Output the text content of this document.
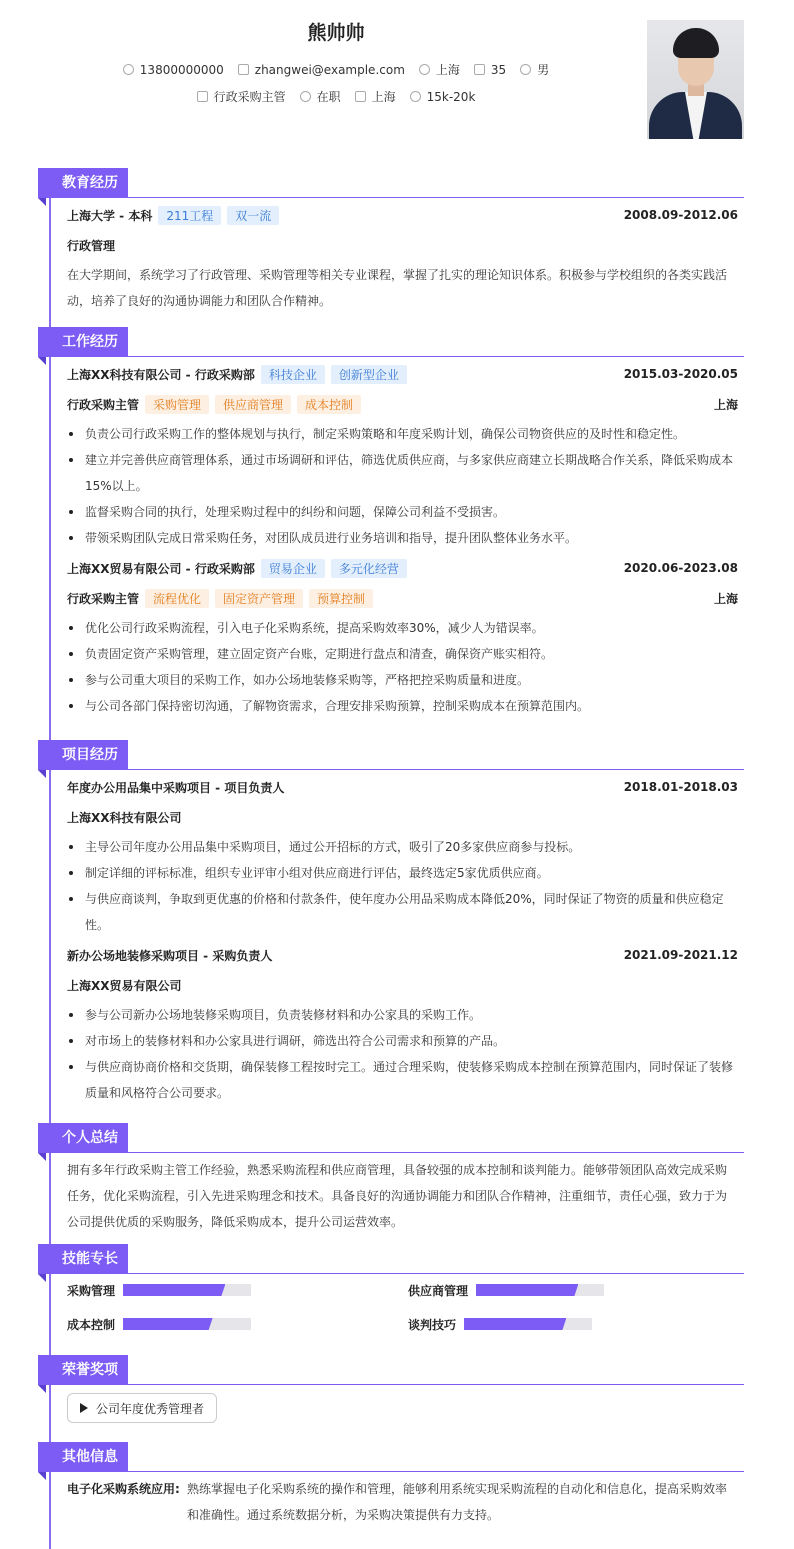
熊帅帅
13800000000	zhangwei@example.com	上海	35	男
行政采购主管	在职	上海	15k-20k
教育经历
上海大学 - 本科	211工程	双一流	2008.09-2012.06
行政管理
在大学期间，系统学习了行政管理、采购管理等相关专业课程，掌握了扎实的理论知识体系。积极参与学校组织的各类实践活动，培养了良好的沟通协调能力和团队合作精神。
工作经历
上海XX科技有限公司 - 行政采购部	科技企业	创新型企业	2015.03-2020.05
行政采购主管	采购管理	供应商管理	成本控制	上海
负责公司行政采购工作的整体规划与执行，制定采购策略和年度采购计划，确保公司物资供应的及时性和稳定性。
建立并完善供应商管理体系，通过市场调研和评估，筛选优质供应商，与多家供应商建立长期战略合作关系，降低采购成本15%以上。
监督采购合同的执行，处理采购过程中的纠纷和问题，保障公司利益不受损害。
带领采购团队完成日常采购任务，对团队成员进行业务培训和指导，提升团队整体业务水平。
上海XX贸易有限公司 - 行政采购部	贸易企业	多元化经营	2020.06-2023.08
行政采购主管	流程优化	固定资产管理	预算控制	上海
优化公司行政采购流程，引入电子化采购系统，提高采购效率30%，减少人为错误率。
负责固定资产采购管理，建立固定资产台账，定期进行盘点和清查，确保资产账实相符。
参与公司重大项目的采购工作，如办公场地装修采购等，严格把控采购质量和进度。
与公司各部门保持密切沟通，了解物资需求，合理安排采购预算，控制采购成本在预算范围内。
项目经历
年度办公用品集中采购项目 - 项目负责人	2018.01-2018.03
上海XX科技有限公司
主导公司年度办公用品集中采购项目，通过公开招标的方式，吸引了20多家供应商参与投标。
制定详细的评标标准，组织专业评审小组对供应商进行评估，最终选定5家优质供应商。
与供应商谈判，争取到更优惠的价格和付款条件，使年度办公用品采购成本降低20%，同时保证了物资的质量和供应稳定性。
新办公场地装修采购项目 - 采购负责人	2021.09-2021.12
上海XX贸易有限公司
参与公司新办公场地装修采购项目，负责装修材料和办公家具的采购工作。
对市场上的装修材料和办公家具进行调研，筛选出符合公司需求和预算的产品。
与供应商协商价格和交货期，确保装修工程按时完工。通过合理采购，使装修采购成本控制在预算范围内，同时保证了装修质量和风格符合公司要求。
个人总结
拥有多年行政采购主管工作经验，熟悉采购流程和供应商管理，具备较强的成本控制和谈判能力。能够带领团队高效完成采购任务，优化采购流程，引入先进采购理念和技术。具备良好的沟通协调能力和团队合作精神，注重细节，责任心强，致力于为公司提供优质的采购服务，降低采购成本，提升公司运营效率。
技能专长
采购管理	供应商管理
成本控制	谈判技巧
荣誉奖项
公司年度优秀管理者
其他信息
电子化采购系统应用: 熟练掌握电子化采购系统的操作和管理，能够利用系统实现采购流程的自动化和信息化，提高采购效率和准确性。通过系统数据分析，为采购决策提供有力支持。
